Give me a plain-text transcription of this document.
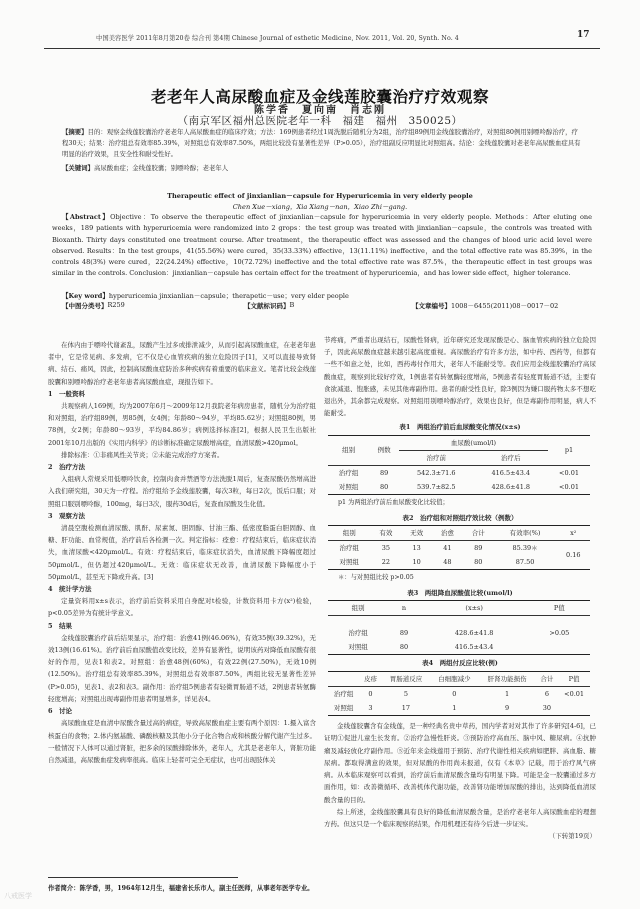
中国美容医学 2011年8月第20卷 综合刊 第4期 Chinese Journal of esthetic Medicine, Nov. 2011, Vol. 20, Synth. No. 4	17
老老年人高尿酸血症及金线莲胶囊治疗疗效观察
陈学香　夏向南　肖志刚
（南京军区福州总医院老年一科　福建　福州　350025）
【摘要】目的：观察金线莲胶囊治疗老老年人高尿酸血症的临床疗效；方法：169例患者经过1周洗脱后随机分为2组，治疗组89例用金线莲胶囊治疗，对照组80例用别嘌呤醇治疗，疗程30天；结果：治疗组总有效率85.39%，对照组总有效率87.50%，两组比较没有显著性差异（P>0.05），治疗组副反应明显比对照组高。结论：金线莲胶囊对老老年高尿酸血症具有明显的治疗效果，且安全性和耐受性好。
【关键词】高尿酸血症；金线莲胶囊；别嘌呤醇；老老年人
Therapeutic effect of jinxianlian－capsule for Hyperuricemia in very elderly people
Chen Xue－xiang，Xia Xiang－nan，Xiao Zhi－gang.
【Abstract】Objective：To observe the therapeutic effect of jinxianlian－capsule for hyperuricemia in very elderly people. Methods：After eluting one weeks，189 patients with hyperuricemia were randomized into 2 grops：the test group was treated with jinxianlian－capsule，the controls was treated with Bioxanth. Thirty days constituted one treatment course. After treatment，the therapeutic effect was assessed and the changes of blood uric acid level were observed. Results：In the test groups，41(55.56%) were cured，35(33.33%) effective，13(11.11%) ineffective，and the total effective rate was 85.39%，in the controls 48(3%) were cured，22(24.24%) effective，10(72.72%) ineffective and the total effective rate was 87.5%，the therapeutic effect in test groups was similar in the controls. Conclusion：jinxianlian－capsule has certain effect for the treatment of hyperuricemia，and has lower side effect，higher tolerance.
【Key word】hyperuricemia jinxianlian－capsule；therapetic－use；very elder people
【中图分类号】 R259	【文献标识码】 B	【文章编号】 1008－6455(2011)08－0017－02

在体内由于嘌呤代谢紊乱，尿酸产生过多或排泄减少，从而引起高尿酸血症，在老老年患者中，它是常见病、多发病，它不仅是心血管疾病的独立危险因子[1]，又可以直接导致肾病、结石、痛风，因此，控制高尿酸血症防治多种疾病有着重要的临床意义。笔者比较金线莲胶囊和别嘌呤醇治疗老老年患者高尿酸血症，现报告如下。

1　一般资料

共观察病人169例，均为2007年6月～2009年12月我院老年病房患者，随机分为治疗组和对照组，治疗组89例，男85例，女4例；年龄80～94岁，平均85.62岁；对照组80例，男78例，女2例；年龄80～93岁，平均84.86岁；病例选择标准[2]，根据人民卫生出版社2001年10月出版的《实用内科学》的诊断标准确定尿酸增高症，血清尿酸>420μmol。

排除标准：①非痛风性关节炎；②未能完成治疗方案者。

2　治疗方法

入组病人常规采用低嘌呤饮食，控制肉食并禁酒等方法洗脱1周后，复查尿酸仍然增高进入我们研究组，30天为一疗程。治疗组给予金线莲胶囊，每次3粒，每日2次，饭后口服；对照组口服别嘌呤醇，100mg，每日3次，服药30d后，复查血尿酸及生化值。

3　观察方法

清晨空腹检测血清尿酸、肌酐、尿素氮、胆固醇、甘油三酯、低密度脂蛋白胆固醇、血糖、肝功能、血常规值，治疗前后各检测一次。判定指标：痊愈：疗程结束后，临床症状消失，血清尿酸<420μmol/L。有效：疗程结束后，临床症状消失，血清尿酸下降幅度超过50μmol/L，但仍超过420μmol/L。无效：临床症状无改善，血清尿酸下降幅度小于50μmol/L，甚至无下降或升高。[3]

4　统计学方法

定量资料用x±s表示，治疗前后资料采用自身配对t检验，计数资料用卡方(x²)检验，p<0.05差异为有统计学意义。

5　结果

金线莲胶囊治疗前后结果显示，治疗组：治愈41例(46.06%)，有效35例(39.32%)，无效13例(16.61%)。治疗前后血尿酸值改变比较，差异有显著性，说明该药对降低血尿酸有很好的作用，见表1和表2。对照组：治愈48例(60%)，有效22例(27.50%)，无效10例(12.50%)。治疗组总有效率85.39%，对照组总有效率87.50%，两组比较无显著性差异(P>0.05)，见表1、表2和表3。副作用：治疗组5例患者有轻微胃肠道不适，2例患者转氨酶轻度增高；对照组出现毒副作用患者明显增多，详见表4。

6　讨论

高尿酸血症是血清中尿酸含量过高的病症，导致高尿酸血症主要有两个原因：1.摄入富含核蛋白的食物；2.体内氨基酸、磷酸核糖及其他小分子化合物合成和核酸分解代谢产生过多。一般情况下人体可以通过肾脏，把多余的尿酸排除体外，老年人，尤其是老老年人，肾脏功能自然减退，高尿酸血症发病率很高。临床上轻者可完全无症状，也可出现肢体关

节疼痛，严重者出现结石，尿酸性肾病，近年研究还发现尿酸是心、脑血管疾病的独立危险因子，因此高尿酸血症越来越引起高度重视。高尿酸治疗有许多方法，如中药、西药等，但都有一些不如意之处，比如，西药毒付作用大，老年人不能耐受等。我们应用金线莲胶囊治疗高尿酸血症，观察到比较好疗效，1例患者有转氨酶轻度增高，5例患者有轻度胃肠道不适，主要有食欲减退、饱胀感，未见其他毒副作用。患者的耐受性良好，除3例因为嫌口服药物太多不想吃退出外，其余都完成观察。对照组用别嘌呤醇治疗，效果也良好，但是毒副作用明显，病人不能耐受。

表1　两组治疗前后血尿酸变化情况(x±s)
组别	例数	血尿酸(umol/l)		p1
		治疗前	治疗后	
治疗组	89	542.3±71.6	416.5±43.4	<0.01
对照组	80	539.7±82.5	428.6±41.8	<0.01
p1 为两组治疗前后血尿酸变化比较值；
表2　治疗组和对照组疗效比较（例数）
组别	有效	无效	治愈	合计	有效率(%)	x²
治疗组	35	13	41	89	85.39＊	0.16
对照组	22	10	48	80	87.50	
＊：与对照组比较 p>0.05
表3　两组降血尿酸值比较(umol/l)
组别	n	(x±s)	P值

治疗组	89	428.6±41.8	>0.05
对照组	80	416.5±43.4	
表4　两组付反应比较(例)
	皮疹	胃肠道反应	白细胞减少	肝肾功能损伤	合计	P值
治疗组	0	5	0	1	6	<0.01
对照组	3	17	1	9	30	

金线莲胶囊含有金线莲，是一种经典名贵中草药，国内学者对对其作了许多研究[4-6]，已证明①促进儿童生长发育。②治疗急慢性肝炎。③预防治疗高血压、脑中风、糖尿病。④抗肿瘤及减轻放化疗副作用。⑤近年来金线莲用于预防、治疗代谢性相关疾病如肥胖、高血脂、糖尿病。都取得满意的效果，但对尿酸的作用尚未报道，仅有《本草》记载，用于治疗风气痹病。从本临床观察可以看到，治疗前后血清尿酸含量均有明显下降。可能是金一胶囊通过多方面作用，如：改善微循环、改善机体代谢功能，改善肾功能增加尿酸的排出，达到降低血清尿酸含量的目的。

综上所述，金线莲胶囊具有良好的降低血清尿酸含量，是治疗老老年人高尿酸血症的理想方药。但这只是一个临床观察的结果，作用机理还有待今后进一步证实。

（下转第19页）
作者简介：陈学香，男，1964年12月生，福建省长乐市人，副主任医师，从事老年医学专业。
八戒医学
